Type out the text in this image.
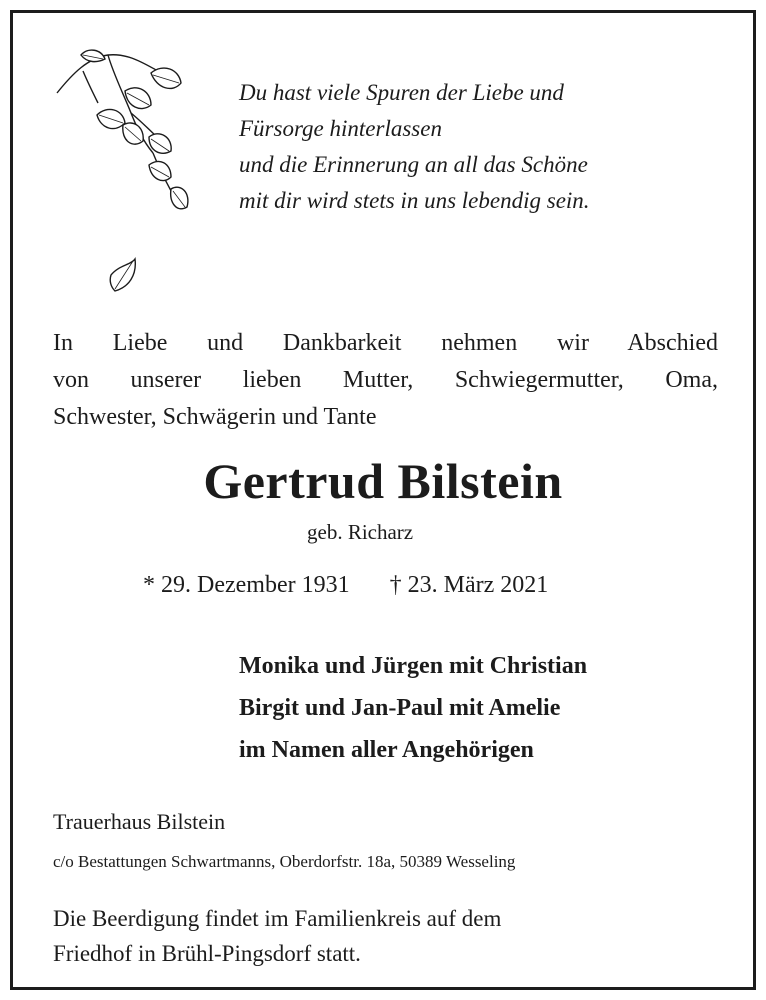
Du hast viele Spuren der Liebe und
Fürsorge hinterlassen
und die Erinnerung an all das Schöne
mit dir wird stets in uns lebendig sein.
In Liebe und Dankbarkeit nehmen wir Abschied
von unserer lieben Mutter, Schwiegermutter, Oma,
Schwester, Schwägerin und Tante
Gertrud Bilstein
geb. Richarz
* 29. Dezember 1931 † 23. März 2021
Monika und Jürgen mit Christian
Birgit und Jan-Paul mit Amelie
im Namen aller Angehörigen
Trauerhaus Bilstein
c/o Bestattungen Schwartmanns, Oberdorfstr. 18a, 50389 Wesseling
Die Beerdigung findet im Familienkreis auf dem
Friedhof in Brühl-Pingsdorf statt.
